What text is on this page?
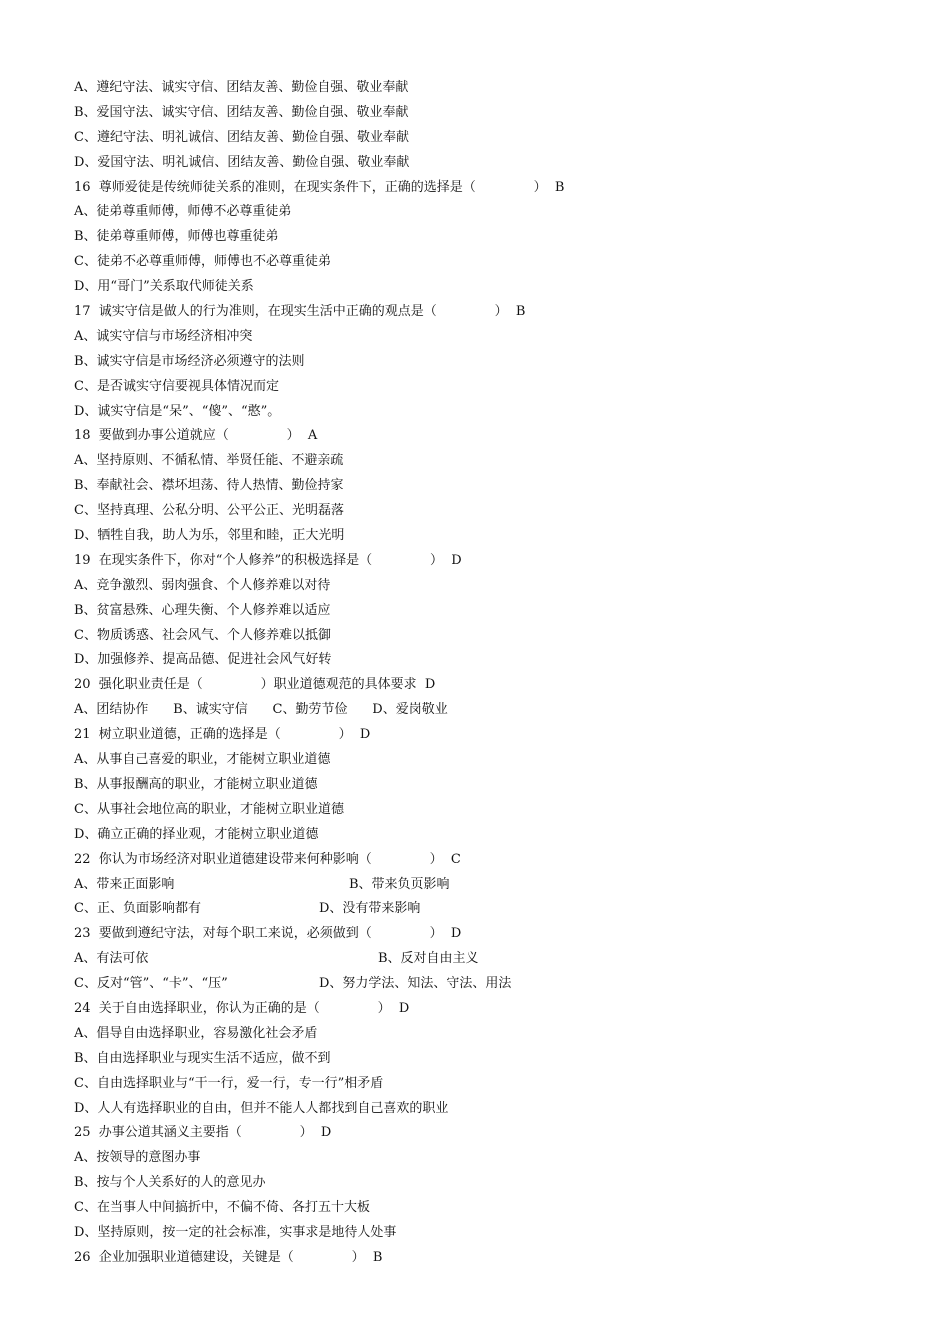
A、遵纪守法、诚实守信、团结友善、勤俭自强、敬业奉献
B、爱国守法、诚实守信、团结友善、勤俭自强、敬业奉献
C、遵纪守法、明礼诚信、团结友善、勤俭自强、敬业奉献
D、爱国守法、明礼诚信、团结友善、勤俭自强、敬业奉献
16  尊师爱徒是传统师徒关系的准则，在现实条件下，正确的选择是（              ）  B
A、徒弟尊重师傅，师傅不必尊重徒弟
B、徒弟尊重师傅，师傅也尊重徒弟
C、徒弟不必尊重师傅，师傅也不必尊重徒弟
D、用“哥门”关系取代师徒关系
17  诚实守信是做人的行为准则，在现实生活中正确的观点是（              ）  B
A、诚实守信与市场经济相冲突
B、诚实守信是市场经济必须遵守的法则
C、是否诚实守信要视具体情况而定
D、诚实守信是“呆”、“傻”、“憨”。
18  要做到办事公道就应（              ）  A
A、坚持原则、不循私情、举贤任能、不避亲疏
B、奉献社会、襟坏坦荡、待人热情、勤俭持家
C、坚持真理、公私分明、公平公正、光明磊落
D、牺牲自我，助人为乐，邻里和睦，正大光明
19  在现实条件下，你对“个人修养”的积极选择是（              ）  D
A、竞争激烈、弱肉强食、个人修养难以对待
B、贫富悬殊、心理失衡、个人修养难以适应
C、物质诱惑、社会风气、个人修养难以抵御
D、加强修养、提高品德、促进社会风气好转
20  强化职业责任是（              ）职业道德观范的具体要求  D
A、团结协作      B、诚实守信      C、勤劳节俭      D、爱岗敬业
21  树立职业道德，正确的选择是（              ）  D
A、从事自己喜爱的职业，才能树立职业道德
B、从事报酬高的职业，才能树立职业道德
C、从事社会地位高的职业，才能树立职业道德
D、确立正确的择业观，才能树立职业道德
22  你认为市场经济对职业道德建设带来何种影响（              ）  C
A、带来正面影响	B、带来负页影响
C、正、负面影响都有	D、没有带来影响
23  要做到遵纪守法，对每个职工来说，必须做到（              ）  D
A、有法可依	B、反对自由主义
C、反对“管”、“卡”、“压”	D、努力学法、知法、守法、用法
24  关于自由选择职业，你认为正确的是（              ）  D
A、倡导自由选择职业，容易激化社会矛盾
B、自由选择职业与现实生活不适应，做不到
C、自由选择职业与“干一行，爱一行，专一行”相矛盾
D、人人有选择职业的自由，但并不能人人都找到自己喜欢的职业
25  办事公道其涵义主要指（              ）  D
A、按领导的意图办事
B、按与个人关系好的人的意见办
C、在当事人中间搞折中，不偏不倚、各打五十大板
D、坚持原则，按一定的社会标准，实事求是地待人处事
26  企业加强职业道德建设，关键是（              ）  B
